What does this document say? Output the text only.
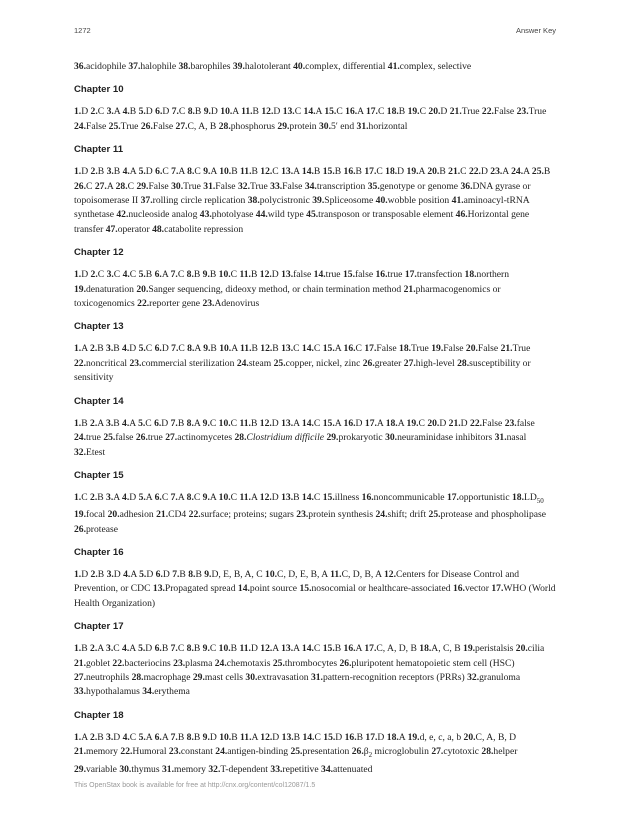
1272	Answer Key

36.acidophile 37.halophile 38.barophiles 39.halotolerant 40.complex, differential 41.complex, selective

Chapter 10

1.D 2.C 3.A 4.B 5.D 6.D 7.C 8.B 9.D 10.A 11.B 12.D 13.C 14.A 15.C 16.A 17.C 18.B 19.C 20.D 21.True 22.False 23.True 24.False 25.True 26.False 27.C, A, B 28.phosphorus 29.protein 30.5′ end 31.horizontal

Chapter 11

1.D 2.B 3.B 4.A 5.D 6.C 7.A 8.C 9.A 10.B 11.B 12.C 13.A 14.B 15.B 16.B 17.C 18.D 19.A 20.B 21.C 22.D 23.A 24.A 25.B 26.C 27.A 28.C 29.False 30.True 31.False 32.True 33.False 34.transcription 35.genotype or genome 36.DNA gyrase or topoisomerase II 37.rolling circle replication 38.polycistronic 39.Spliceosome 40.wobble position 41.aminoacyl-tRNA synthetase 42.nucleoside analog 43.photolyase 44.wild type 45.transposon or transposable element 46.Horizontal gene transfer 47.operator 48.catabolite repression

Chapter 12

1.D 2.C 3.C 4.C 5.B 6.A 7.C 8.B 9.B 10.C 11.B 12.D 13.false 14.true 15.false 16.true 17.transfection 18.northern 19.denaturation 20.Sanger sequencing, dideoxy method, or chain termination method 21.pharmacogenomics or toxicogenomics 22.reporter gene 23.Adenovirus

Chapter 13

1.A 2.B 3.B 4.D 5.C 6.D 7.C 8.A 9.B 10.A 11.B 12.B 13.C 14.C 15.A 16.C 17.False 18.True 19.False 20.False 21.True 22.noncritical 23.commercial sterilization 24.steam 25.copper, nickel, zinc 26.greater 27.high-level 28.susceptibility or sensitivity

Chapter 14

1.B 2.A 3.B 4.A 5.C 6.D 7.B 8.A 9.C 10.C 11.B 12.D 13.A 14.C 15.A 16.D 17.A 18.A 19.C 20.D 21.D 22.False 23.false 24.true 25.false 26.true 27.actinomycetes 28.Clostridium difficile 29.prokaryotic 30.neuraminidase inhibitors 31.nasal 32.Etest

Chapter 15

1.C 2.B 3.A 4.D 5.A 6.C 7.A 8.C 9.A 10.C 11.A 12.D 13.B 14.C 15.illness 16.noncommunicable 17.opportunistic $18.LD_{50}$ 19.focal 20.adhesion 21.CD4 22.surface; proteins; sugars 23.protein synthesis 24.shift; drift 25.protease and phospholipase 26.protease

Chapter 16

1.D 2.B 3.D 4.A 5.D 6.D 7.B 8.B 9.D, E, B, A, C 10.C, D, E, B, A 11.C, D, B, A 12.Centers for Disease Control and Prevention, or CDC 13.Propagated spread 14.point source 15.nosocomial or healthcare-associated 16.vector 17.WHO (World Health Organization)

Chapter 17

1.B 2.A 3.C 4.A 5.D 6.B 7.C 8.B 9.C 10.B 11.D 12.A 13.A 14.C 15.B 16.A 17.C, A, D, B 18.A, C, B 19.peristalsis 20.cilia 21.goblet 22.bacteriocins 23.plasma 24.chemotaxis 25.thrombocytes 26.pluripotent hematopoietic stem cell (HSC) 27.neutrophils 28.macrophage 29.mast cells 30.extravasation 31.pattern-recognition receptors (PRRs) 32.granuloma 33.hypothalamus 34.erythema

Chapter 18

1.A 2.B 3.D 4.C 5.A 6.A 7.B 8.B 9.D 10.B 11.A 12.D 13.B 14.C 15.D 16.B 17.D 18.A 19.d, e, c, a, b 20.C, A, B, D 21.memory 22.Humoral 23.constant 24.antigen-binding 25.presentation $26.\beta_2$ microglobulin 27.cytotoxic 28.helper 29.variable 30.thymus 31.memory 32.T-dependent 33.repetitive 34.attenuated

This OpenStax book is available for free at http://cnx.org/content/col12087/1.5
